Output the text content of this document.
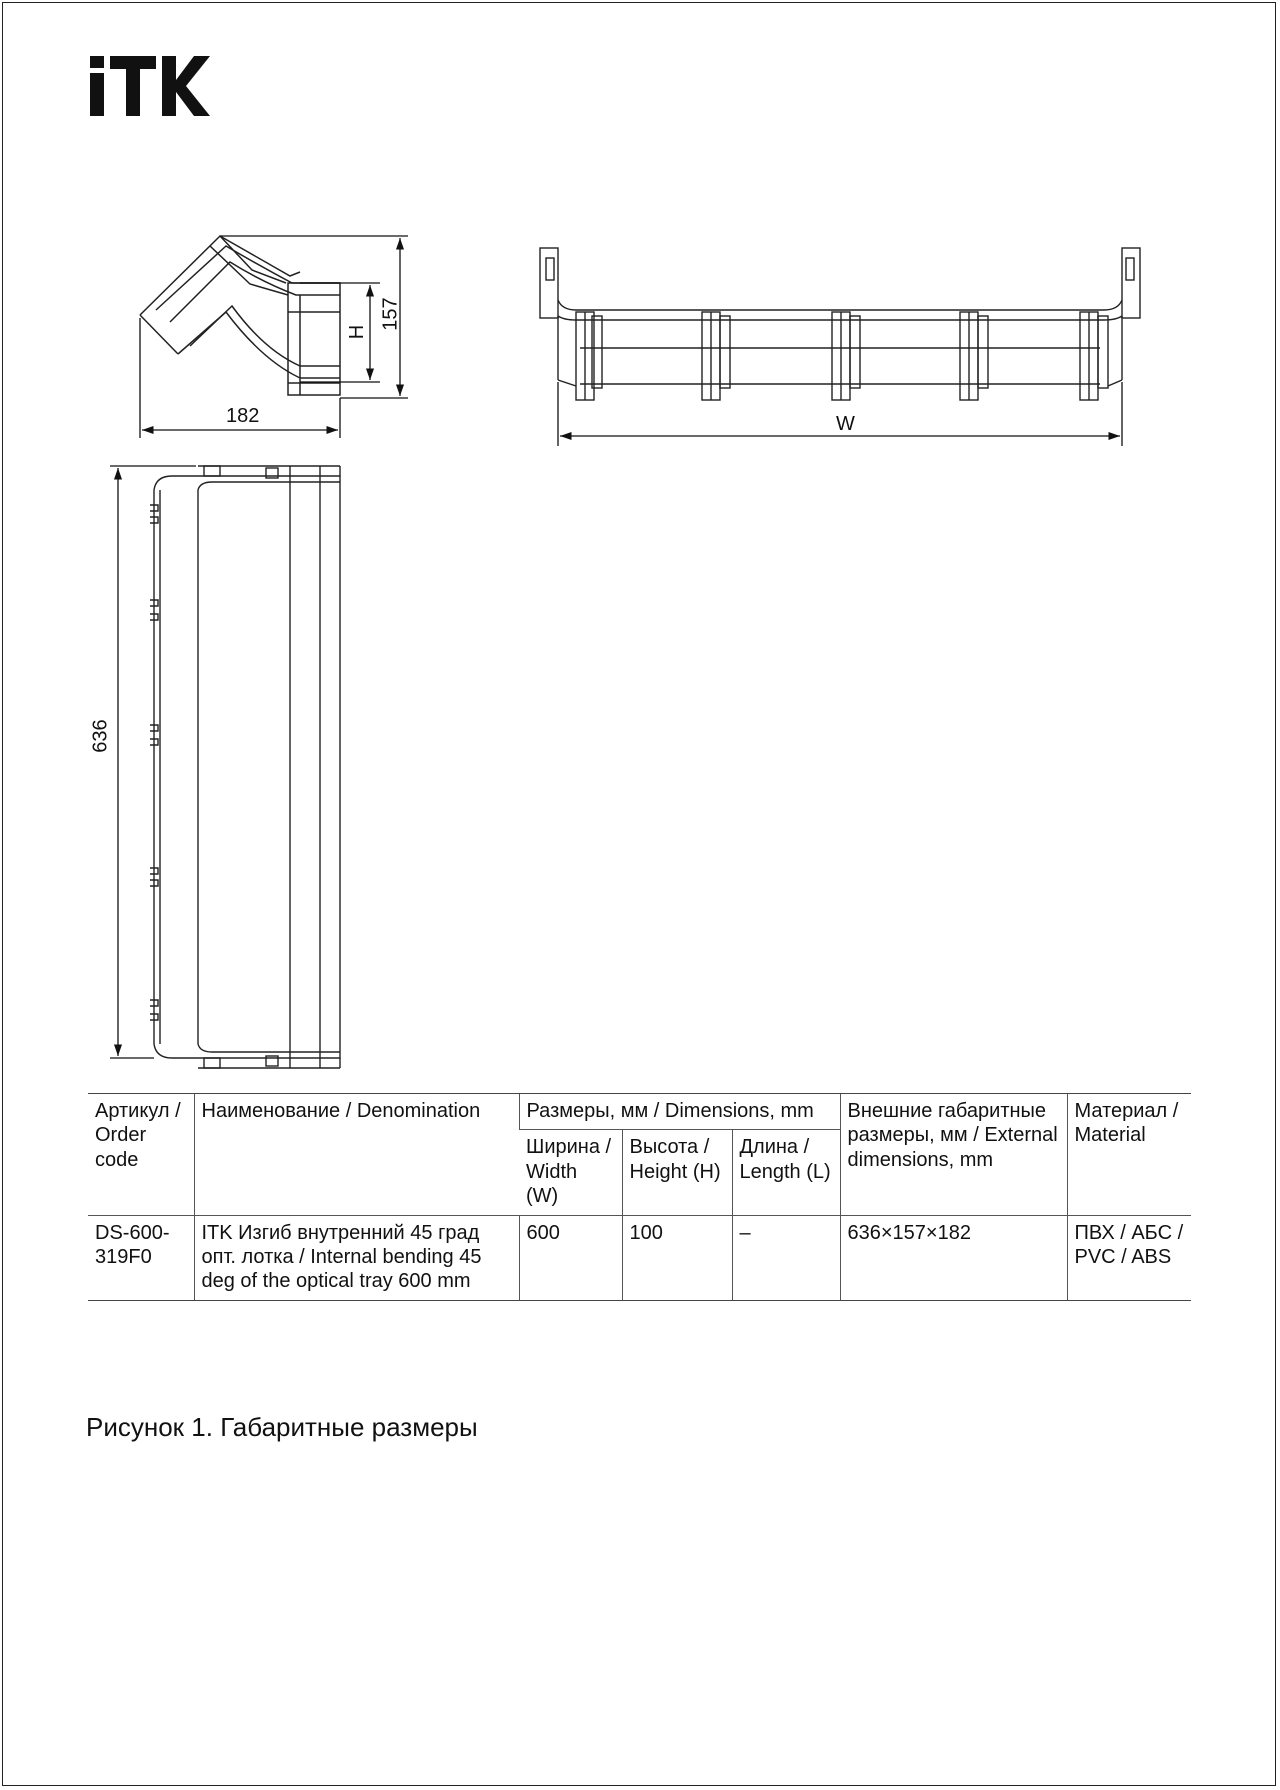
182
H
157
W
636
Артикул / Order code	Наименование / Denomination	Размеры, мм / Dimensions, mm			Внешние габаритные размеры, мм / External dimensions, mm	Материал / Material
		Ширина / Width (W)	Высота / Height (H)	Длина / Length (L)		
DS-600-319F0	ITK Изгиб внутренний 45 град опт. лотка / Internal bending 45 deg of the optical tray 600 mm	600	100	–	636×157×182	ПВХ / АБС / PVC / ABS
Рисунок 1. Габаритные размеры
